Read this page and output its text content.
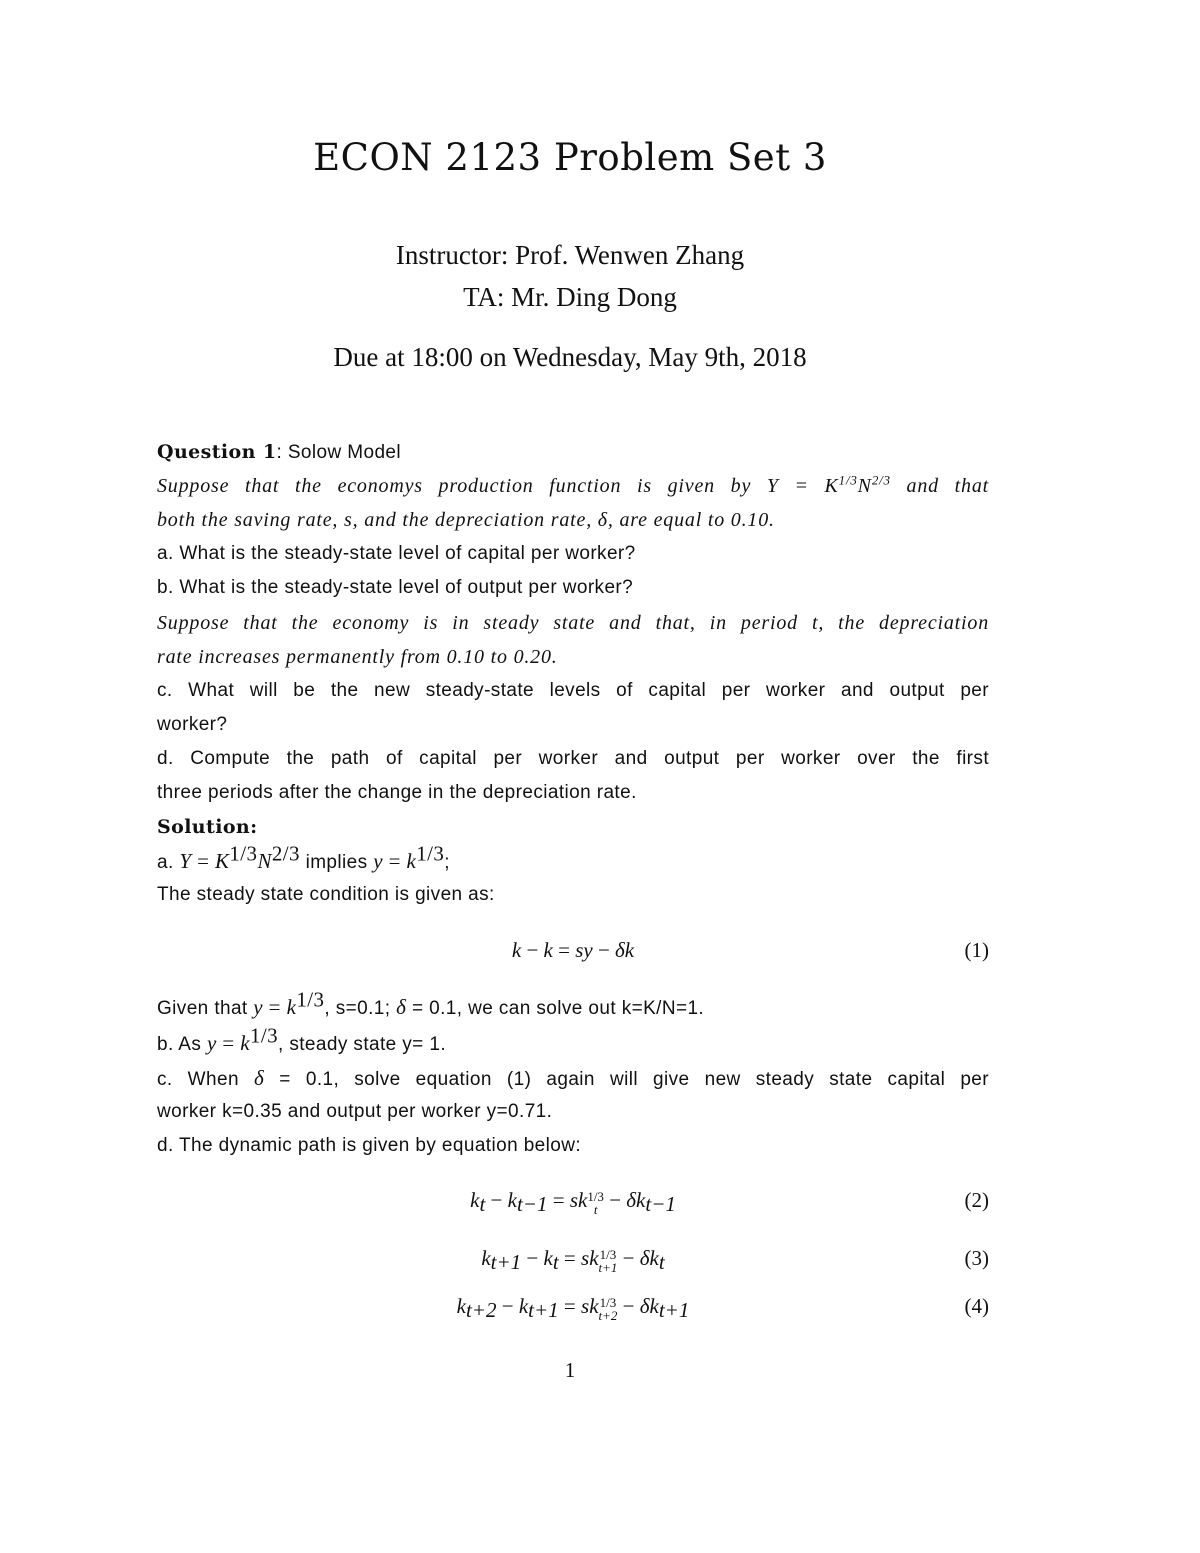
ECON 2123 Problem Set 3
Instructor: Prof. Wenwen Zhang
TA: Mr. Ding Dong
Due at 18:00 on Wednesday, May 9th, 2018
Question 1: Solow Model
Suppose that the economys production function is given by $Y = K^{1/3}N^{2/3}$ and that
both the saving rate, s, and the depreciation rate, δ, are equal to 0.10.
a. What is the steady-state level of capital per worker?
b. What is the steady-state level of output per worker?
Suppose that the economy is in steady state and that, in period t, the depreciation
rate increases permanently from 0.10 to 0.20.
c. What will be the new steady-state levels of capital per worker and output per
worker?
d. Compute the path of capital per worker and output per worker over the first
three periods after the change in the depreciation rate.
Solution:
a. $Y = K^{1/3}N^{2/3}$ implies $y = k^{1/3}$;
The steady state condition is given as:
k − k = sy − δk	(1)
Given that $y = k^{1/3}$, s=0.1; δ = 0.1, we can solve out k=K/N=1.
b. As $y = k^{1/3}$, steady state y= 1.
c. When δ = 0.1, solve equation (1) again will give new steady state capital per
worker k=0.35 and output per worker y=0.71.
d. The dynamic path is given by equation below:
$k_t - k_{t-1}$ = sk 1/3
$t - \delta k_{t-1}$	(2)
$k_{t+1} - k_t$ = sk 1/3
$t+1 - \delta k_t$	(3)
$k_{t+2} - k_{t+1}$ = sk 1/3
$t+2 - \delta k_{t+1}$	(4)
1
